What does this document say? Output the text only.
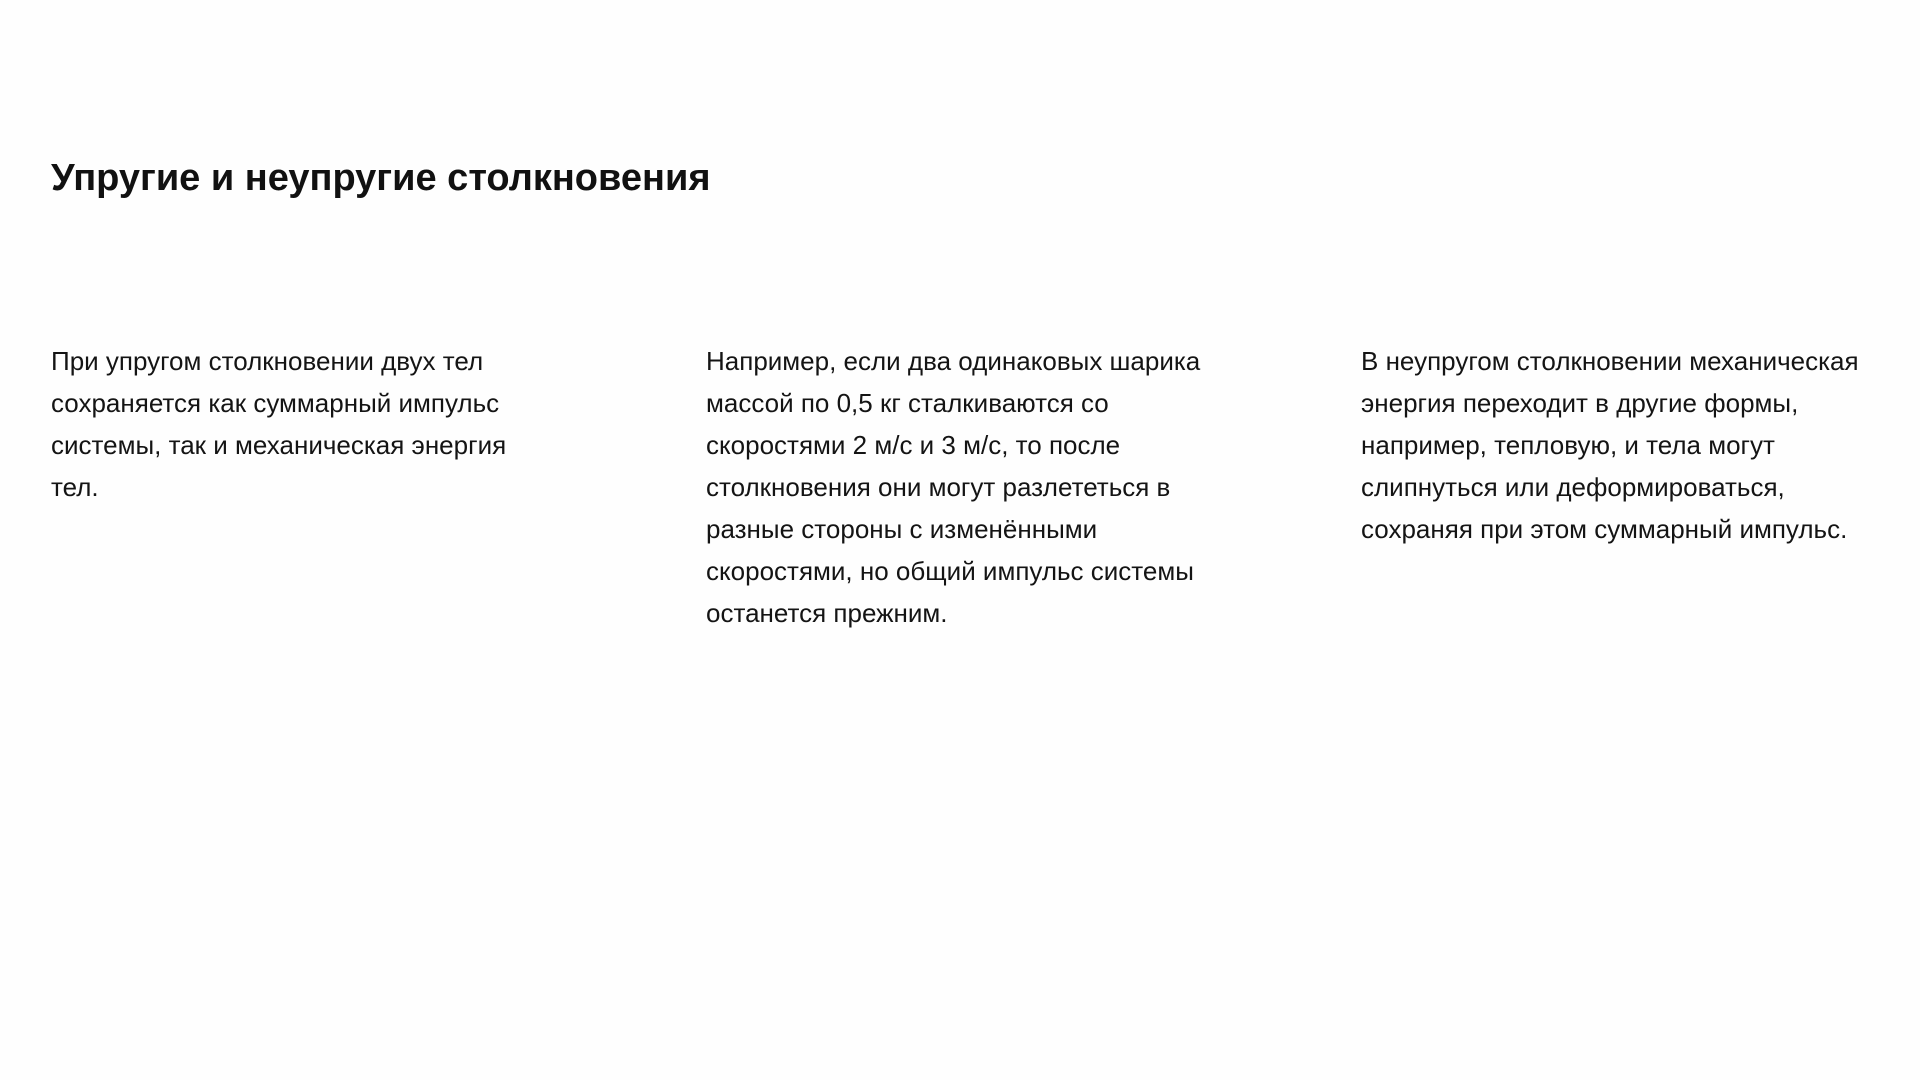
Упругие и неупругие столкновения

При упругом столкновении двух тел сохраняется как суммарный импульс системы, так и механическая энергия тел.

Например, если два одинаковых шарика массой по 0,5 кг сталкиваются со скоростями 2 м/с и 3 м/с, то после столкновения они могут разлететься в разные стороны с изменёнными скоростями, но общий импульс системы останется прежним.

В неупругом столкновении механическая энергия переходит в другие формы, например, тепловую, и тела могут слипнуться или деформироваться, сохраняя при этом суммарный импульс.
